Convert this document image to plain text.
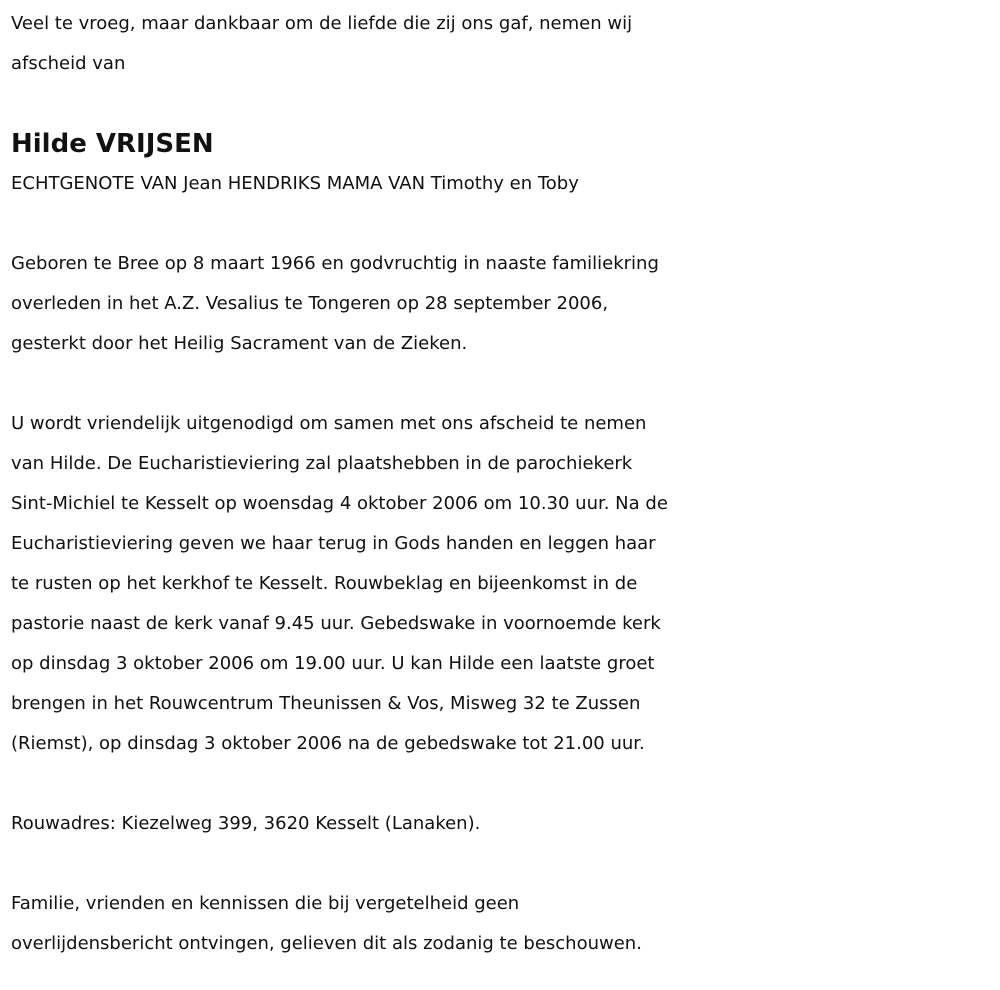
Veel te vroeg, maar dankbaar om de liefde die zij ons gaf, nemen wij
afscheid van

Hilde VRIJSEN

ECHTGENOTE VAN Jean HENDRIKS MAMA VAN Timothy en Toby

Geboren te Bree op 8 maart 1966 en godvruchtig in naaste familiekring
overleden in het A.Z. Vesalius te Tongeren op 28 september 2006,
gesterkt door het Heilig Sacrament van de Zieken.

U wordt vriendelijk uitgenodigd om samen met ons afscheid te nemen
van Hilde. De Eucharistieviering zal plaatshebben in de parochiekerk
Sint-Michiel te Kesselt op woensdag 4 oktober 2006 om 10.30 uur. Na de
Eucharistieviering geven we haar terug in Gods handen en leggen haar
te rusten op het kerkhof te Kesselt. Rouwbeklag en bijeenkomst in de
pastorie naast de kerk vanaf 9.45 uur. Gebedswake in voornoemde kerk
op dinsdag 3 oktober 2006 om 19.00 uur. U kan Hilde een laatste groet
brengen in het Rouwcentrum Theunissen & Vos, Misweg 32 te Zussen
(Riemst), op dinsdag 3 oktober 2006 na de gebedswake tot 21.00 uur.

Rouwadres: Kiezelweg 399, 3620 Kesselt (Lanaken).

Familie, vrienden en kennissen die bij vergetelheid geen
overlijdensbericht ontvingen, gelieven dit als zodanig te beschouwen.
